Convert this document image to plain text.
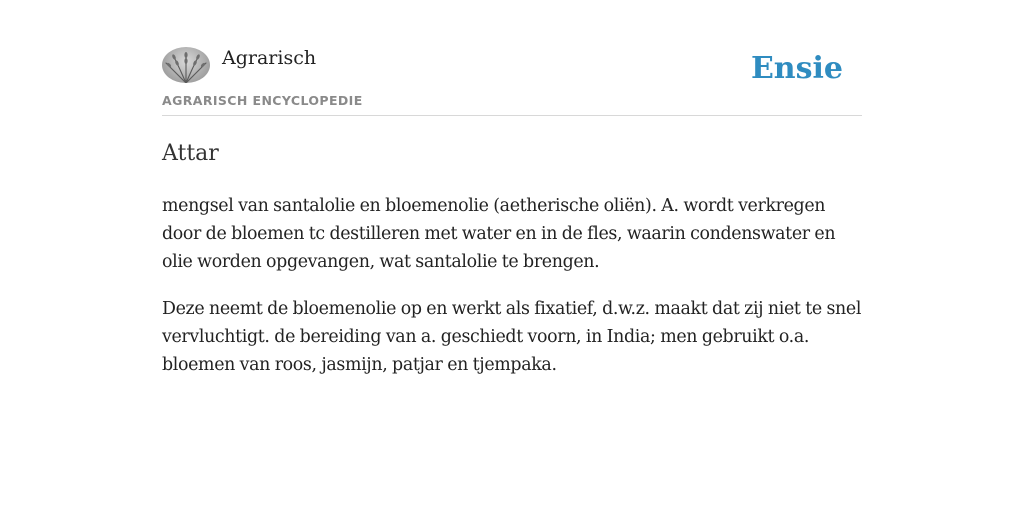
Agrarisch
AGRARISCH ENCYCLOPEDIE
Ensie
Attar

mengsel van santalolie en bloemenolie (aetherische oliën). A. wordt verkregen door de bloemen tc destilleren met water en in de fles, waarin condenswater en olie worden opgevangen, wat santalolie te brengen.

Deze neemt de bloemenolie op en werkt als fixatief, d.w.z. maakt dat zij niet te snel vervluchtigt. de bereiding van a. geschiedt voorn, in India; men gebruikt o.a. bloemen van roos, jasmijn, patjar en tjempaka.
